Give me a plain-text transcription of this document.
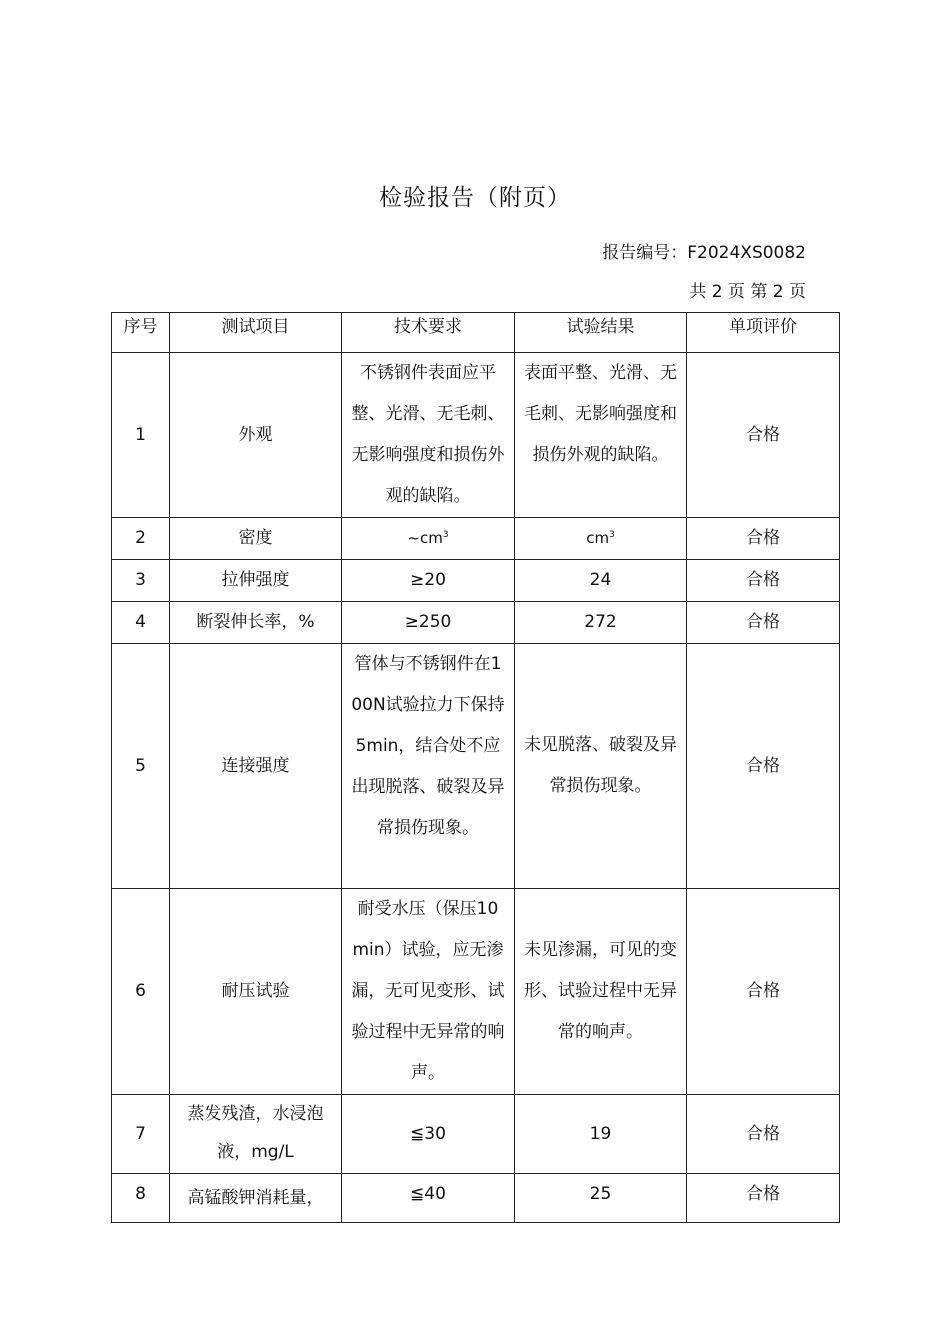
检验报告（附页）
报告编号：F2024XS0082
共 2 页 第 2 页
序号	测试项目	技术要求	试验结果	单项评价
1	外观	不锈钢件表面应平整、光滑、无毛刺、无影响强度和损伤外观的缺陷。	表面平整、光滑、无毛刺、无影响强度和损伤外观的缺陷。	合格
2	密度	$\sim cm^3$	$cm^3$	合格
3	拉伸强度	≥20	24	合格
4	断裂伸长率，%	≥250	272	合格
5	连接强度	管体与不锈钢件在100N试验拉力下保持5min，结合处不应出现脱落、破裂及异常损伤现象。	未见脱落、破裂及异常损伤现象。	合格
6	耐压试验	耐受水压（保压10min）试验，应无渗漏，无可见变形、试验过程中无异常的响声。	未见渗漏，可见的变形、试验过程中无异常的响声。	合格
7	蒸发残渣，水浸泡液，mg/L	≦30	19	合格
8	高锰酸钾消耗量，	≦40	25	合格
